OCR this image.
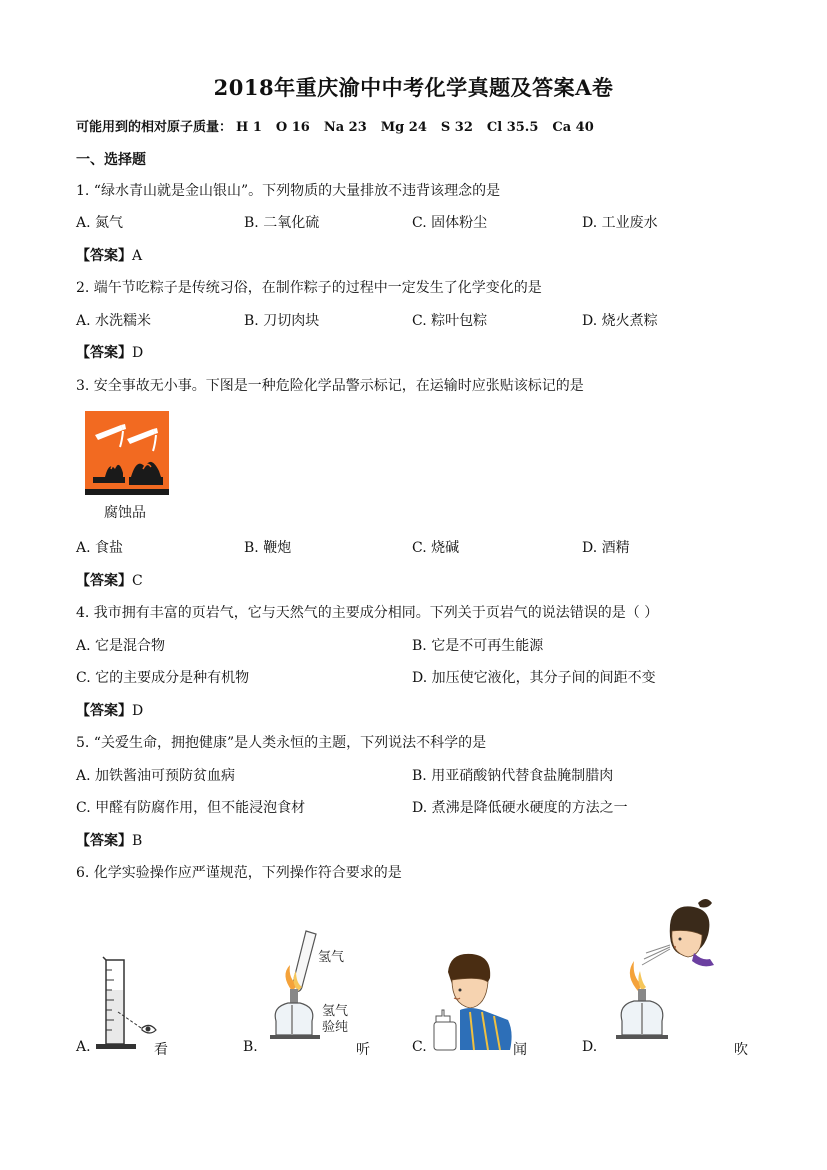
2018年重庆渝中中考化学真题及答案A卷
可能用到的相对原子质量： H 1 O 16 Na 23 Mg 24 S 32 Cl 35.5 Ca 40
一、选择题
1. “绿水青山就是金山银山”。下列物质的大量排放不违背该理念的是
A. 氮气	B. 二氧化硫	C. 固体粉尘	D. 工业废水
【答案】A
2. 端午节吃粽子是传统习俗，在制作粽子的过程中一定发生了化学变化的是
A. 水洗糯米	B. 刀切肉块	C. 粽叶包粽	D. 烧火煮粽
【答案】D
3. 安全事故无小事。下图是一种危险化学品警示标记，在运输时应张贴该标记的是
腐蚀品
A. 食盐	B. 鞭炮	C. 烧碱	D. 酒精
【答案】C
4. 我市拥有丰富的页岩气，它与天然气的主要成分相同。下列关于页岩气的说法错误的是（ ）
A. 它是混合物	B. 它是不可再生能源
C. 它的主要成分是种有机物	D. 加压使它液化，其分子间的间距不变
【答案】D
5. “关爱生命，拥抱健康”是人类永恒的主题，下列说法不科学的是
A. 加铁酱油可预防贫血病	B. 用亚硝酸钠代替食盐腌制腊肉
C. 甲醛有防腐作用，但不能浸泡食材	D. 煮沸是降低硬水硬度的方法之一
【答案】B
6. 化学实验操作应严谨规范，下列操作符合要求的是
A.	看	B.
氢气
氢气
验纯
听	C.	闻	D.	吹
